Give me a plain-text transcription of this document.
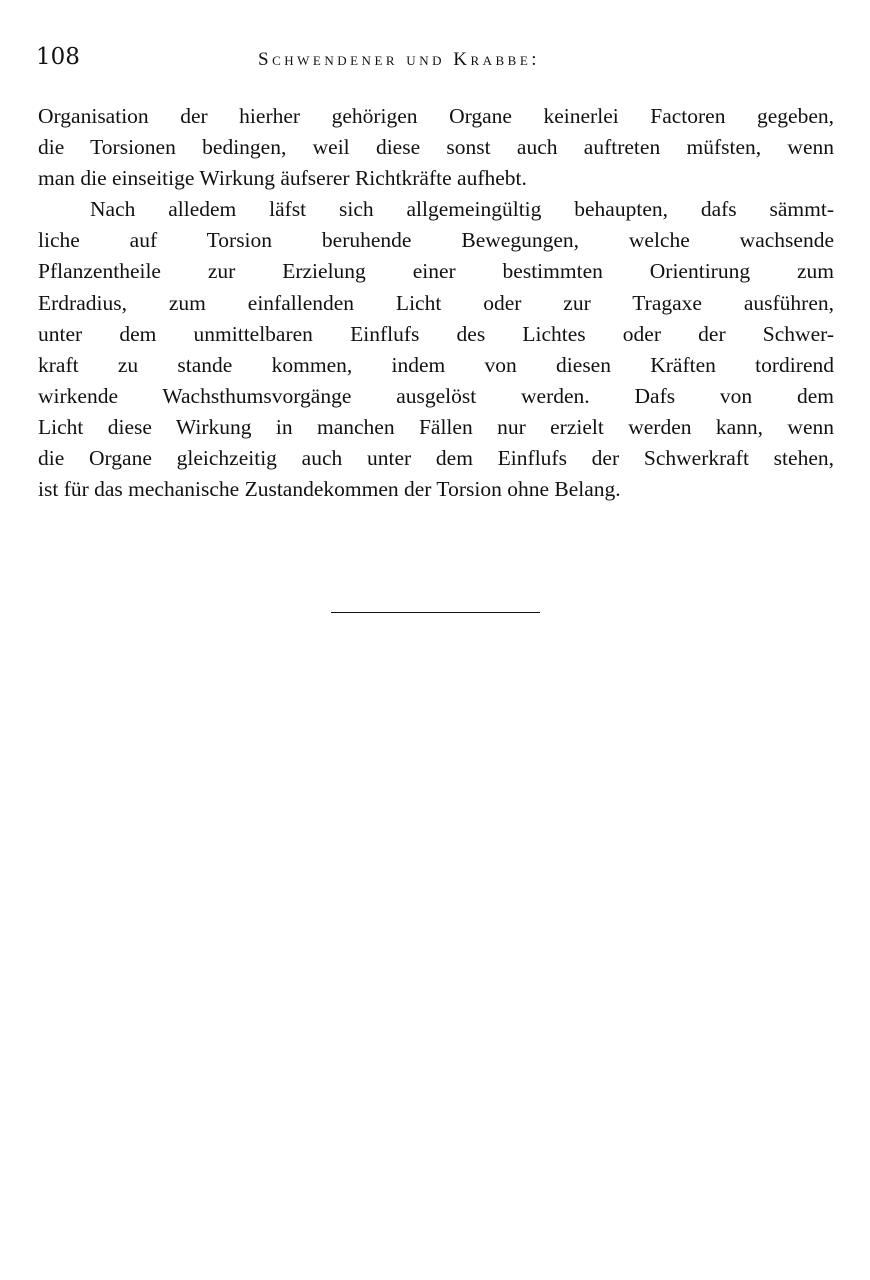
108	Schwendener und Krabbe:
Organisation der hierher gehörigen Organe keinerlei Factoren gegeben,
die Torsionen bedingen, weil diese sonst auch auftreten müfsten, wenn
man die einseitige Wirkung äufserer Richtkräfte aufhebt.
Nach alledem läfst sich allgemeingültig behaupten, dafs sämmt-
liche auf Torsion beruhende Bewegungen, welche wachsende
Pflanzentheile zur Erzielung einer bestimmten Orientirung zum
Erdradius, zum einfallenden Licht oder zur Tragaxe ausführen,
unter dem unmittelbaren Einflufs des Lichtes oder der Schwer-
kraft zu stande kommen, indem von diesen Kräften tordirend
wirkende Wachsthumsvorgänge ausgelöst werden. Dafs von dem
Licht diese Wirkung in manchen Fällen nur erzielt werden kann, wenn
die Organe gleichzeitig auch unter dem Einflufs der Schwerkraft stehen,
ist für das mechanische Zustandekommen der Torsion ohne Belang.
